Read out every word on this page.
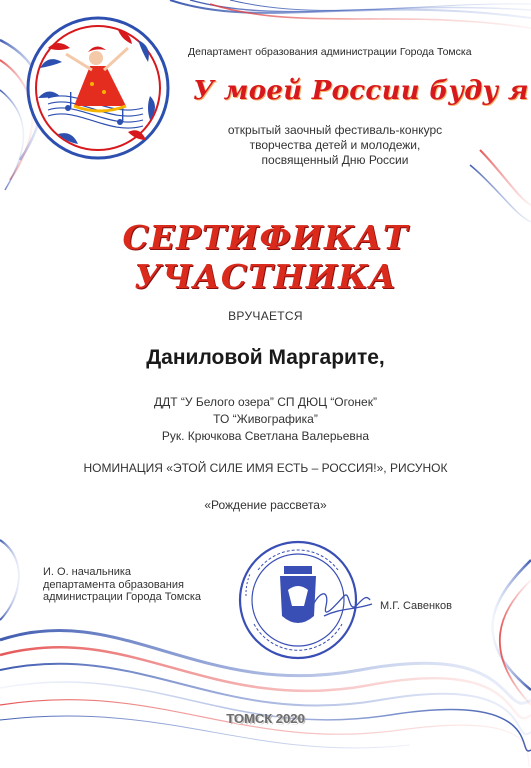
Департамент образования администрации Города Томска

У моей России буду я

открытый заочный фестиваль-конкурс

творчества детей и молодежи,

посвященный Дню России

СЕРТИФИКАТ УЧАСТНИКА

ВРУЧАЕТСЯ

Даниловой Маргарите,

ДДТ “У Белого озера” СП ДЮЦ “Огонек”

ТО “Живографика”

Рук. Крючкова Светлана Валерьевна

НОМИНАЦИЯ «ЭТОЙ СИЛЕ ИМЯ ЕСТЬ – РОССИЯ!», РИСУНОК

«Рождение рассвета»

И. О. начальника
департамента образования
администрации Города Томска

М.Г. Савенков

ТОМСК 2020
